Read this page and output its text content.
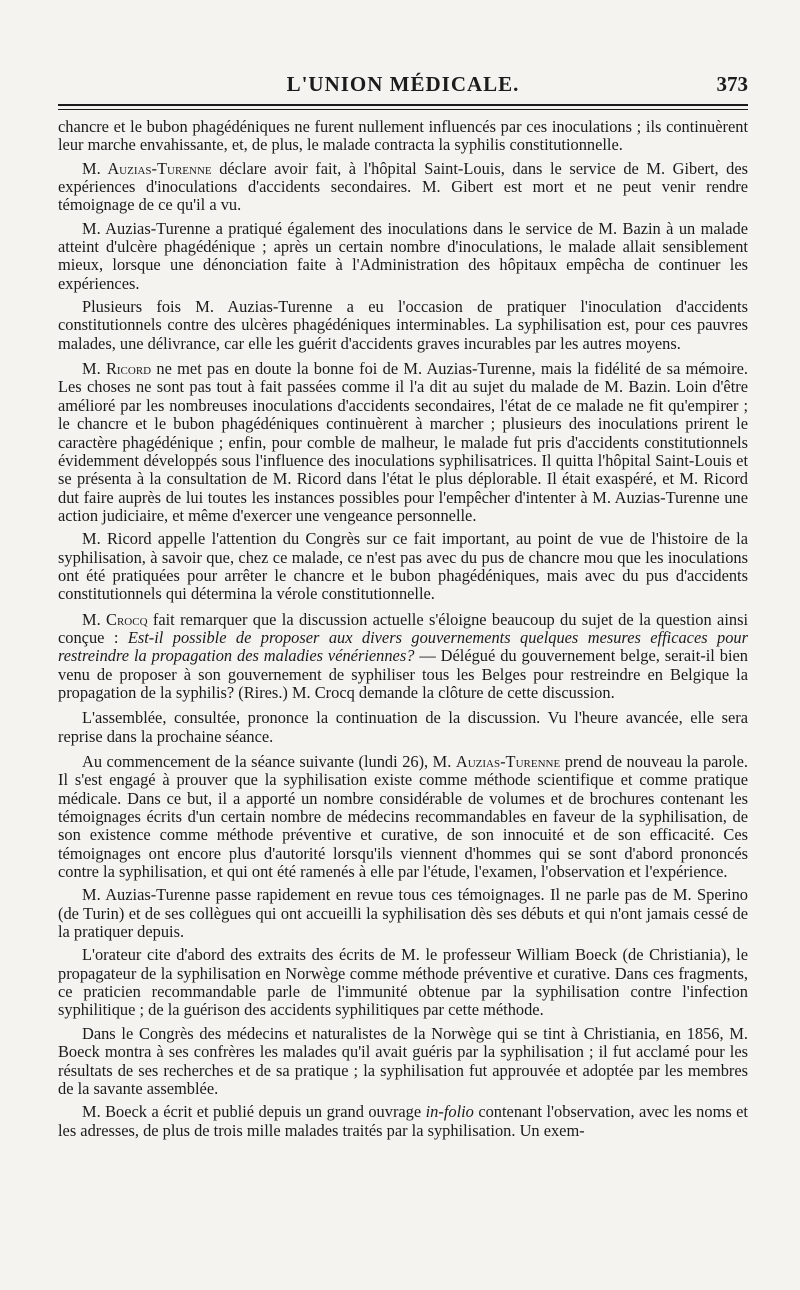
L'UNION MÉDICALE.	373

chancre et le bubon phagédéniques ne furent nullement influencés par ces inoculations ; ils continuèrent leur marche envahissante, et, de plus, le malade contracta la syphilis constitutionnelle.

M. Auzias-Turenne déclare avoir fait, à l'hôpital Saint-Louis, dans le service de M. Gibert, des expériences d'inoculations d'accidents secondaires. M. Gibert est mort et ne peut venir rendre témoignage de ce qu'il a vu.

M. Auzias-Turenne a pratiqué également des inoculations dans le service de M. Bazin à un malade atteint d'ulcère phagédénique ; après un certain nombre d'inoculations, le malade allait sensiblement mieux, lorsque une dénonciation faite à l'Administration des hôpitaux empêcha de continuer les expériences.

Plusieurs fois M. Auzias-Turenne a eu l'occasion de pratiquer l'inoculation d'accidents constitutionnels contre des ulcères phagédéniques interminables. La syphilisation est, pour ces pauvres malades, une délivrance, car elle les guérit d'accidents graves incurables par les autres moyens.

M. Ricord ne met pas en doute la bonne foi de M. Auzias-Turenne, mais la fidélité de sa mémoire. Les choses ne sont pas tout à fait passées comme il l'a dit au sujet du malade de M. Bazin. Loin d'être amélioré par les nombreuses inoculations d'accidents secondaires, l'état de ce malade ne fit qu'empirer ; le chancre et le bubon phagédéniques continuèrent à marcher ; plusieurs des inoculations prirent le caractère phagédénique ; enfin, pour comble de malheur, le malade fut pris d'accidents constitutionnels évidemment développés sous l'influence des inoculations syphilisatrices. Il quitta l'hôpital Saint-Louis et se présenta à la consultation de M. Ricord dans l'état le plus déplorable. Il était exaspéré, et M. Ricord dut faire auprès de lui toutes les instances possibles pour l'empêcher d'intenter à M. Auzias-Turenne une action judiciaire, et même d'exercer une vengeance personnelle.

M. Ricord appelle l'attention du Congrès sur ce fait important, au point de vue de l'histoire de la syphilisation, à savoir que, chez ce malade, ce n'est pas avec du pus de chancre mou que les inoculations ont été pratiquées pour arrêter le chancre et le bubon phagédéniques, mais avec du pus d'accidents constitutionnels qui détermina la vérole constitutionnelle.

M. Crocq fait remarquer que la discussion actuelle s'éloigne beaucoup du sujet de la question ainsi conçue : Est-il possible de proposer aux divers gouvernements quelques mesures efficaces pour restreindre la propagation des maladies vénériennes? — Délégué du gouvernement belge, serait-il bien venu de proposer à son gouvernement de syphiliser tous les Belges pour restreindre en Belgique la propagation de la syphilis? (Rires.) M. Crocq demande la clôture de cette discussion.

L'assemblée, consultée, prononce la continuation de la discussion. Vu l'heure avancée, elle sera reprise dans la prochaine séance.

Au commencement de la séance suivante (lundi 26), M. Auzias-Turenne prend de nouveau la parole. Il s'est engagé à prouver que la syphilisation existe comme méthode scientifique et comme pratique médicale. Dans ce but, il a apporté un nombre considérable de volumes et de brochures contenant les témoignages écrits d'un certain nombre de médecins recommandables en faveur de la syphilisation, de son existence comme méthode préventive et curative, de son innocuité et de son efficacité. Ces témoignages ont encore plus d'autorité lorsqu'ils viennent d'hommes qui se sont d'abord prononcés contre la syphilisation, et qui ont été ramenés à elle par l'étude, l'examen, l'observation et l'expérience.

M. Auzias-Turenne passe rapidement en revue tous ces témoignages. Il ne parle pas de M. Sperino (de Turin) et de ses collègues qui ont accueilli la syphilisation dès ses débuts et qui n'ont jamais cessé de la pratiquer depuis.

L'orateur cite d'abord des extraits des écrits de M. le professeur William Boeck (de Christiania), le propagateur de la syphilisation en Norwège comme méthode préventive et curative. Dans ces fragments, ce praticien recommandable parle de l'immunité obtenue par la syphilisation contre l'infection syphilitique ; de la guérison des accidents syphilitiques par cette méthode.

Dans le Congrès des médecins et naturalistes de la Norwège qui se tint à Christiania, en 1856, M. Boeck montra à ses confrères les malades qu'il avait guéris par la syphilisation ; il fut acclamé pour les résultats de ses recherches et de sa pratique ; la syphilisation fut approuvée et adoptée par les membres de la savante assemblée.

M. Boeck a écrit et publié depuis un grand ouvrage in-folio contenant l'observation, avec les noms et les adresses, de plus de trois mille malades traités par la syphilisation. Un exem-
